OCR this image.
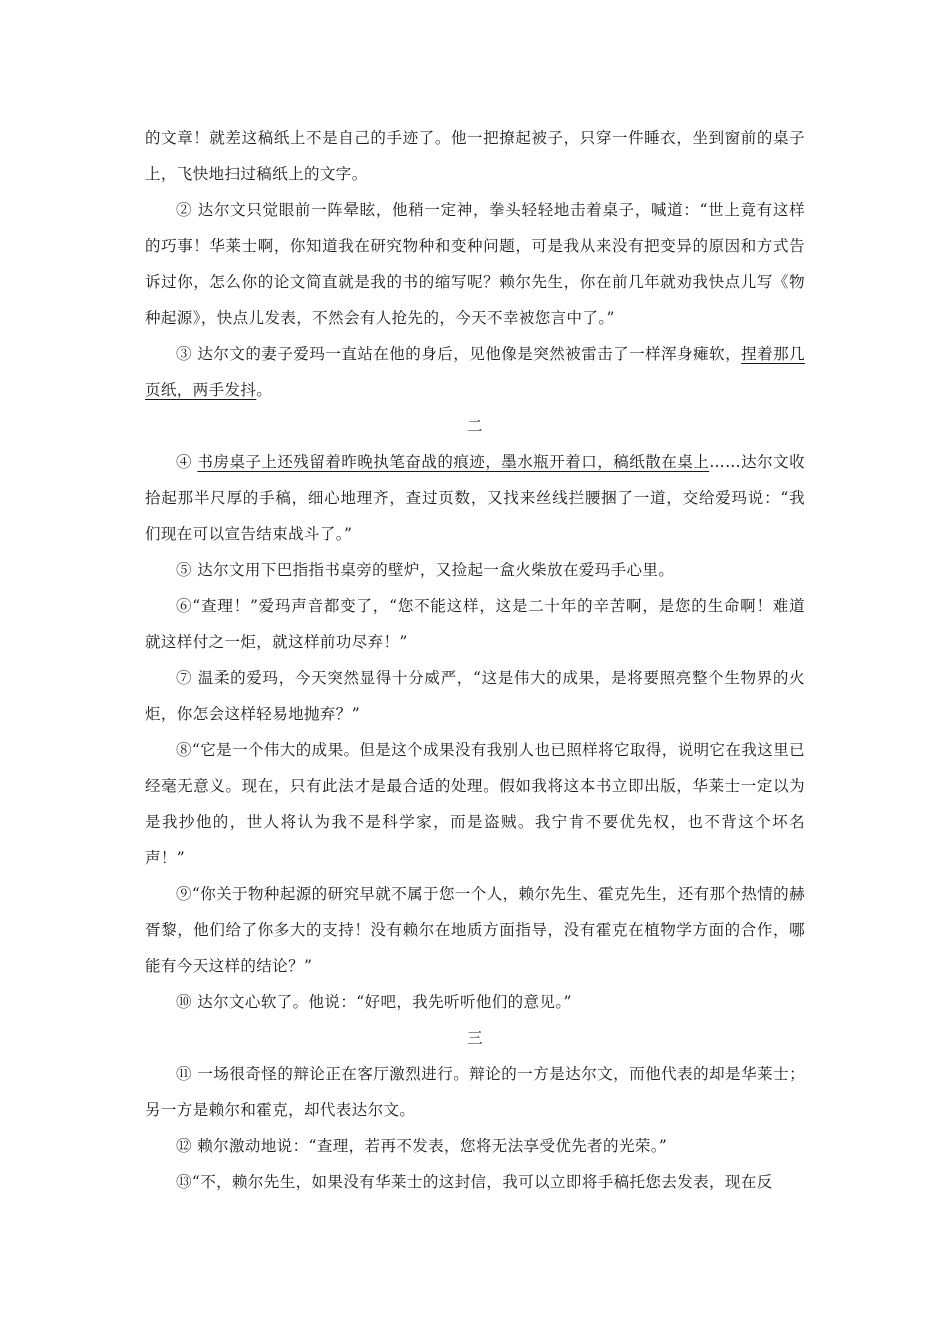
的文章！就差这稿纸上不是自己的手迹了。他一把撩起被子，只穿一件睡衣，坐到窗前的桌子上，飞快地扫过稿纸上的文字。

② 达尔文只觉眼前一阵晕眩，他稍一定神，拳头轻轻地击着桌子，喊道：“世上竟有这样的巧事！华莱士啊，你知道我在研究物种和变种问题，可是我从来没有把变异的原因和方式告诉过你，怎么你的论文简直就是我的书的缩写呢？赖尔先生，你在前几年就劝我快点儿写《物种起源》，快点儿发表，不然会有人抢先的，今天不幸被您言中了。”

③ 达尔文的妻子爱玛一直站在他的身后，见他像是突然被雷击了一样浑身瘫软，捏着那几页纸，两手发抖。

二

④ 书房桌子上还残留着昨晚执笔奋战的痕迹，墨水瓶开着口，稿纸散在桌上……达尔文收拾起那半尺厚的手稿，细心地理齐，查过页数，又找来丝线拦腰捆了一道，交给爱玛说：“我们现在可以宣告结束战斗了。”

⑤ 达尔文用下巴指指书桌旁的壁炉，又捡起一盒火柴放在爱玛手心里。

⑥“查理！”爱玛声音都变了，“您不能这样，这是二十年的辛苦啊，是您的生命啊！难道就这样付之一炬，就这样前功尽弃！”

⑦ 温柔的爱玛，今天突然显得十分威严，“这是伟大的成果，是将要照亮整个生物界的火炬，你怎会这样轻易地抛弃？”

⑧“它是一个伟大的成果。但是这个成果没有我别人也已照样将它取得，说明它在我这里已经毫无意义。现在，只有此法才是最合适的处理。假如我将这本书立即出版，华莱士一定以为是我抄他的，世人将认为我不是科学家，而是盗贼。我宁肯不要优先权，也不背这个坏名声！”

⑨“你关于物种起源的研究早就不属于您一个人，赖尔先生、霍克先生，还有那个热情的赫胥黎，他们给了你多大的支持！没有赖尔在地质方面指导，没有霍克在植物学方面的合作，哪能有今天这样的结论？”

⑩ 达尔文心软了。他说：“好吧，我先听听他们的意见。”

三

⑪ 一场很奇怪的辩论正在客厅激烈进行。辩论的一方是达尔文，而他代表的却是华莱士；另一方是赖尔和霍克，却代表达尔文。

⑫ 赖尔激动地说：“查理，若再不发表，您将无法享受优先者的光荣。”

⑬“不，赖尔先生，如果没有华莱士的这封信，我可以立即将手稿托您去发表，现在反
